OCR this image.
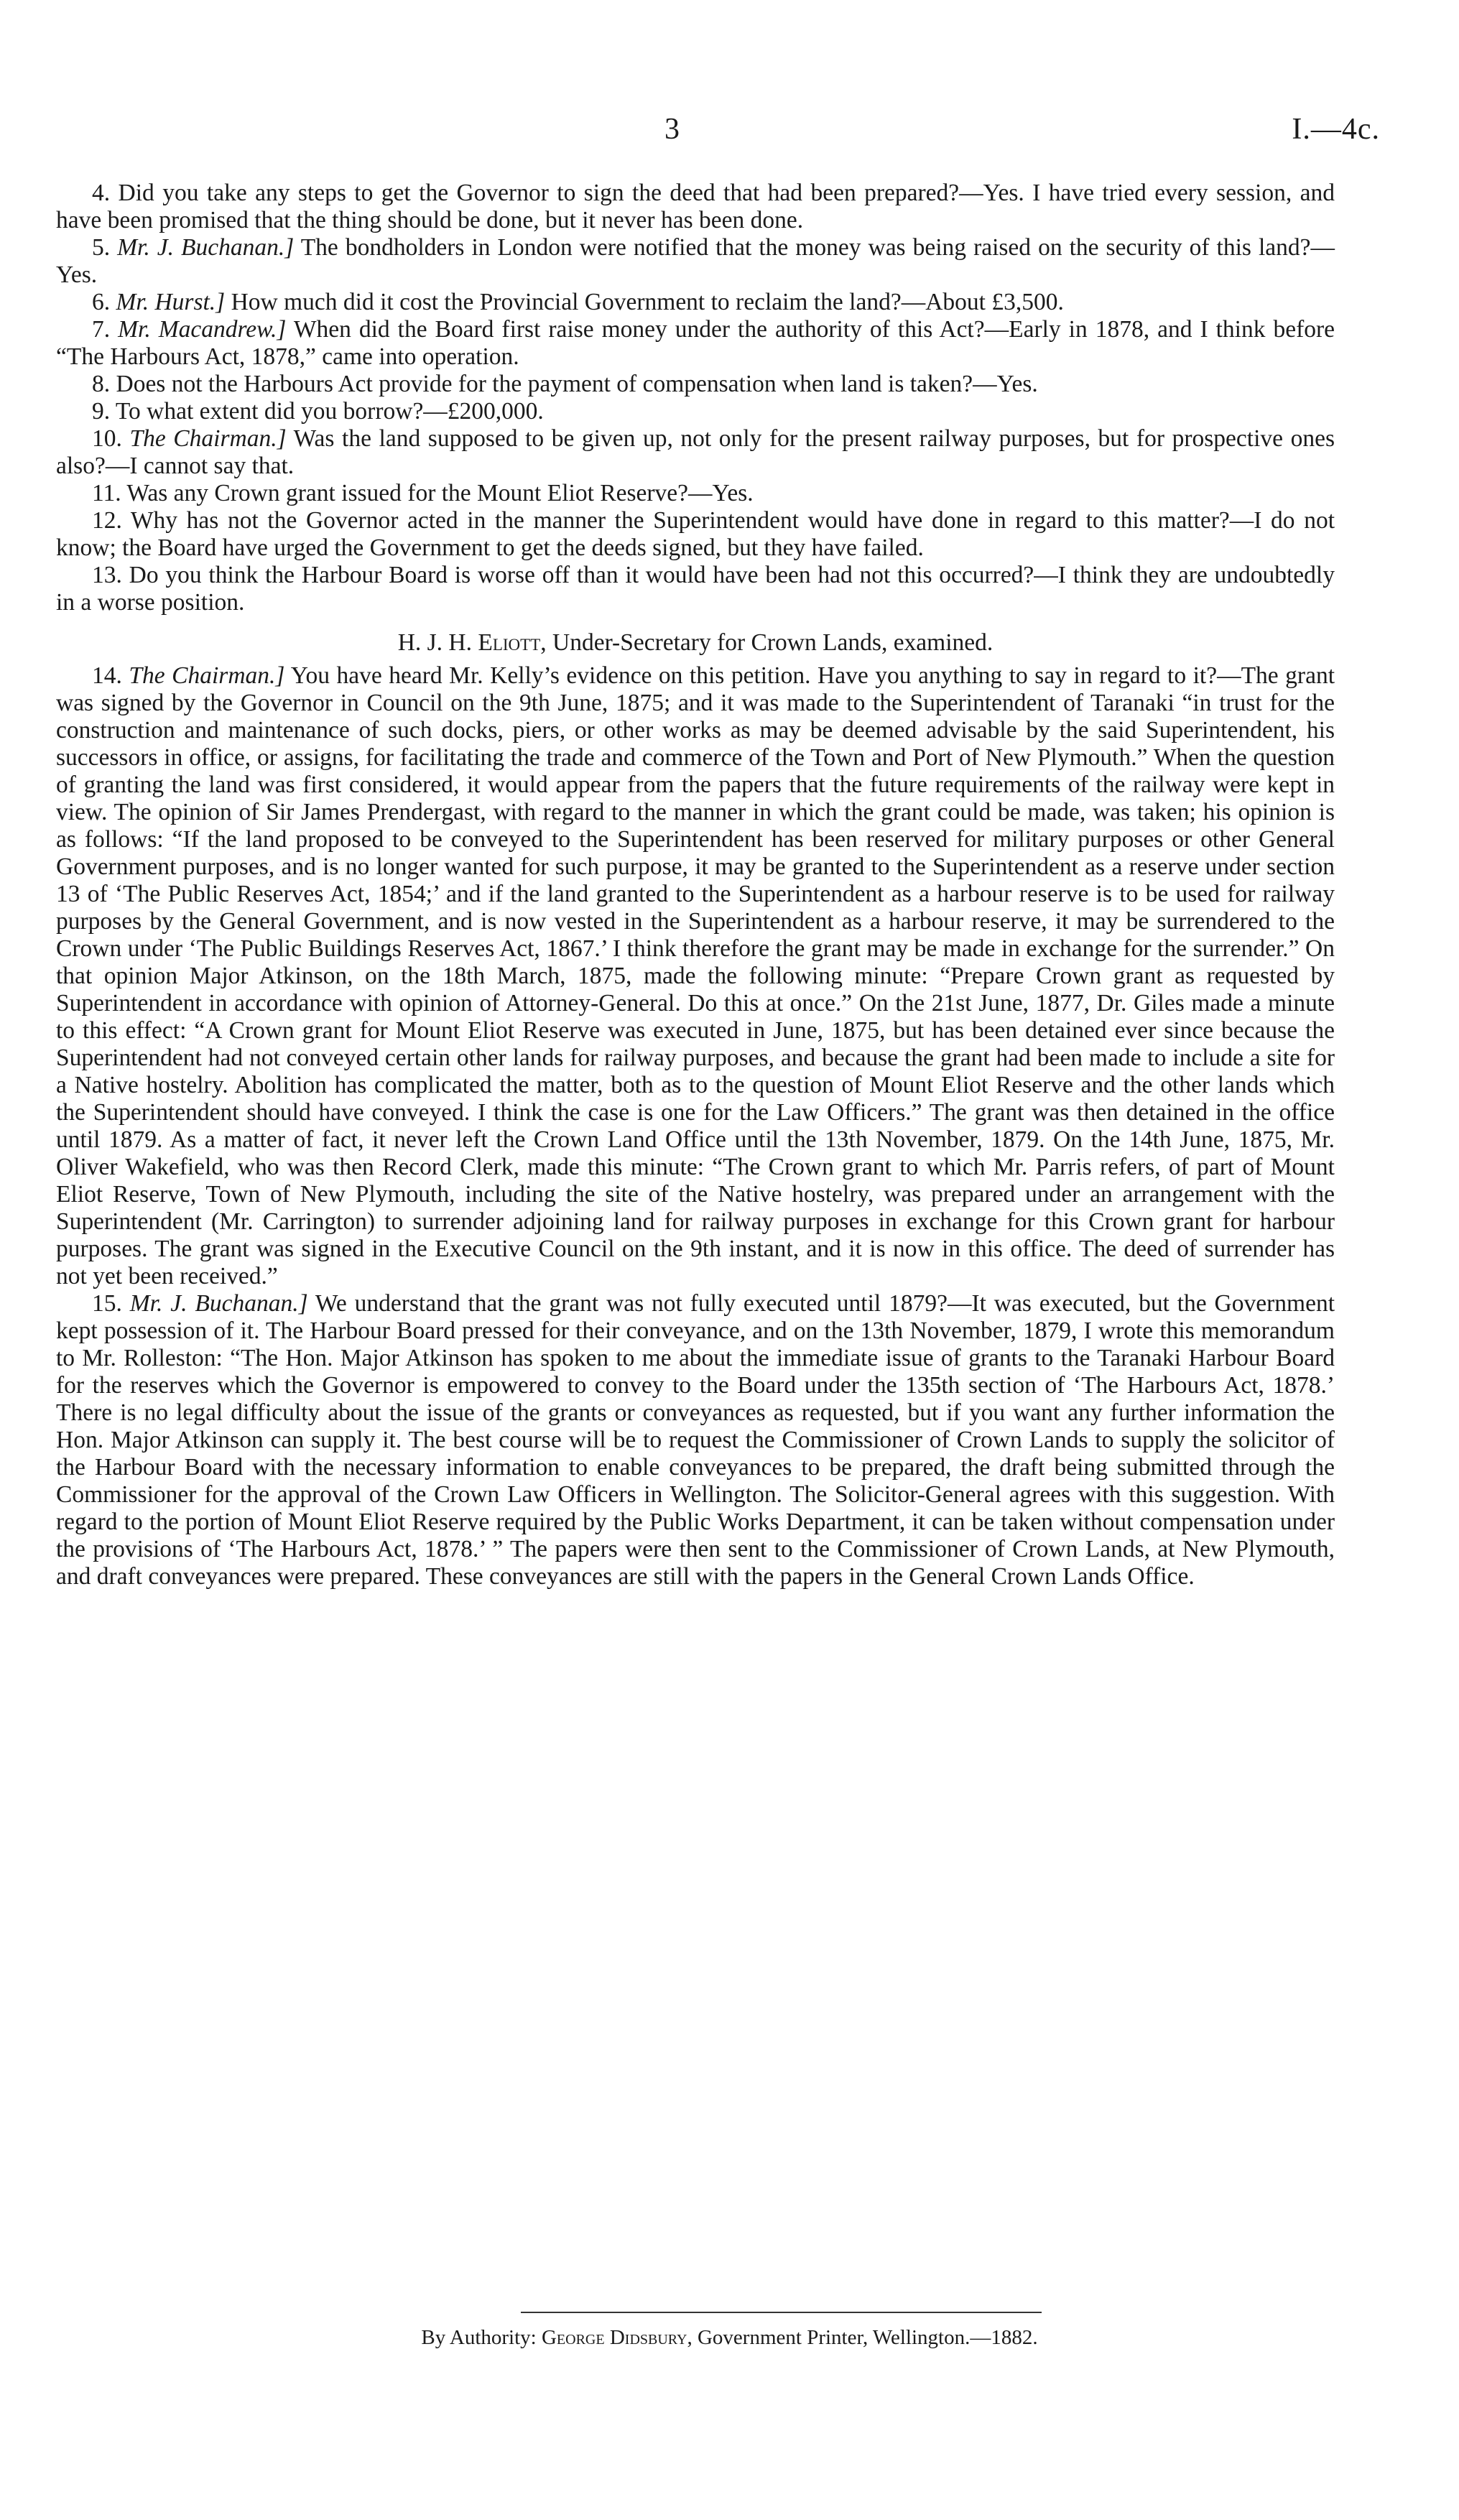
3	I.—4c.

4. Did you take any steps to get the Governor to sign the deed that had been prepared?—Yes. I have tried every session, and have been promised that the thing should be done, but it never has been done.

5. Mr. J. Buchanan.] The bondholders in London were notified that the money was being raised on the security of this land?—Yes.

6. Mr. Hurst.] How much did it cost the Provincial Government to reclaim the land?—About £3,500.

7. Mr. Macandrew.] When did the Board first raise money under the authority of this Act?—Early in 1878, and I think before “The Harbours Act, 1878,” came into operation.

8. Does not the Harbours Act provide for the payment of compensation when land is taken?—Yes.

9. To what extent did you borrow?—£200,000.

10. The Chairman.] Was the land supposed to be given up, not only for the present railway purposes, but for prospective ones also?—I cannot say that.

11. Was any Crown grant issued for the Mount Eliot Reserve?—Yes.

12. Why has not the Governor acted in the manner the Superintendent would have done in regard to this matter?—I do not know; the Board have urged the Government to get the deeds signed, but they have failed.

13. Do you think the Harbour Board is worse off than it would have been had not this occurred?—I think they are undoubtedly in a worse position.

H. J. H. Eliott, Under-Secretary for Crown Lands, examined.

14. The Chairman.] You have heard Mr. Kelly’s evidence on this petition. Have you anything to say in regard to it?—The grant was signed by the Governor in Council on the 9th June, 1875; and it was made to the Superintendent of Taranaki “in trust for the construction and maintenance of such docks, piers, or other works as may be deemed advisable by the said Superintendent, his successors in office, or assigns, for facilitating the trade and commerce of the Town and Port of New Plymouth.” When the question of granting the land was first considered, it would appear from the papers that the future requirements of the railway were kept in view. The opinion of Sir James Prendergast, with regard to the manner in which the grant could be made, was taken; his opinion is as follows: “If the land proposed to be conveyed to the Superintendent has been reserved for military purposes or other General Government purposes, and is no longer wanted for such purpose, it may be granted to the Superintendent as a reserve under section 13 of ‘The Public Reserves Act, 1854;’ and if the land granted to the Superintendent as a harbour reserve is to be used for railway purposes by the General Government, and is now vested in the Superintendent as a harbour reserve, it may be surrendered to the Crown under ‘The Public Buildings Reserves Act, 1867.’ I think therefore the grant may be made in exchange for the surrender.” On that opinion Major Atkinson, on the 18th March, 1875, made the following minute: “Prepare Crown grant as requested by Superintendent in accordance with opinion of Attorney-General. Do this at once.” On the 21st June, 1877, Dr. Giles made a minute to this effect: “A Crown grant for Mount Eliot Reserve was executed in June, 1875, but has been detained ever since because the Superintendent had not conveyed certain other lands for railway purposes, and because the grant had been made to include a site for a Native hostelry. Abolition has complicated the matter, both as to the question of Mount Eliot Reserve and the other lands which the Superintendent should have conveyed. I think the case is one for the Law Officers.” The grant was then detained in the office until 1879. As a matter of fact, it never left the Crown Land Office until the 13th November, 1879. On the 14th June, 1875, Mr. Oliver Wakefield, who was then Record Clerk, made this minute: “The Crown grant to which Mr. Parris refers, of part of Mount Eliot Reserve, Town of New Plymouth, including the site of the Native hostelry, was prepared under an arrangement with the Superintendent (Mr. Carrington) to surrender adjoining land for railway purposes in exchange for this Crown grant for harbour purposes. The grant was signed in the Executive Council on the 9th instant, and it is now in this office. The deed of surrender has not yet been received.”

15. Mr. J. Buchanan.] We understand that the grant was not fully executed until 1879?—It was executed, but the Government kept possession of it. The Harbour Board pressed for their conveyance, and on the 13th November, 1879, I wrote this memorandum to Mr. Rolleston: “The Hon. Major Atkinson has spoken to me about the immediate issue of grants to the Taranaki Harbour Board for the reserves which the Governor is empowered to convey to the Board under the 135th section of ‘The Harbours Act, 1878.’ There is no legal difficulty about the issue of the grants or conveyances as requested, but if you want any further information the Hon. Major Atkinson can supply it. The best course will be to request the Commissioner of Crown Lands to supply the solicitor of the Harbour Board with the necessary information to enable conveyances to be prepared, the draft being submitted through the Commissioner for the approval of the Crown Law Officers in Wellington. The Solicitor-General agrees with this suggestion. With regard to the portion of Mount Eliot Reserve required by the Public Works Department, it can be taken without compensation under the provisions of ‘The Harbours Act, 1878.’ ” The papers were then sent to the Commissioner of Crown Lands, at New Plymouth, and draft conveyances were prepared. These conveyances are still with the papers in the General Crown Lands Office.

By Authority: George Didsbury, Government Printer, Wellington.—1882.
